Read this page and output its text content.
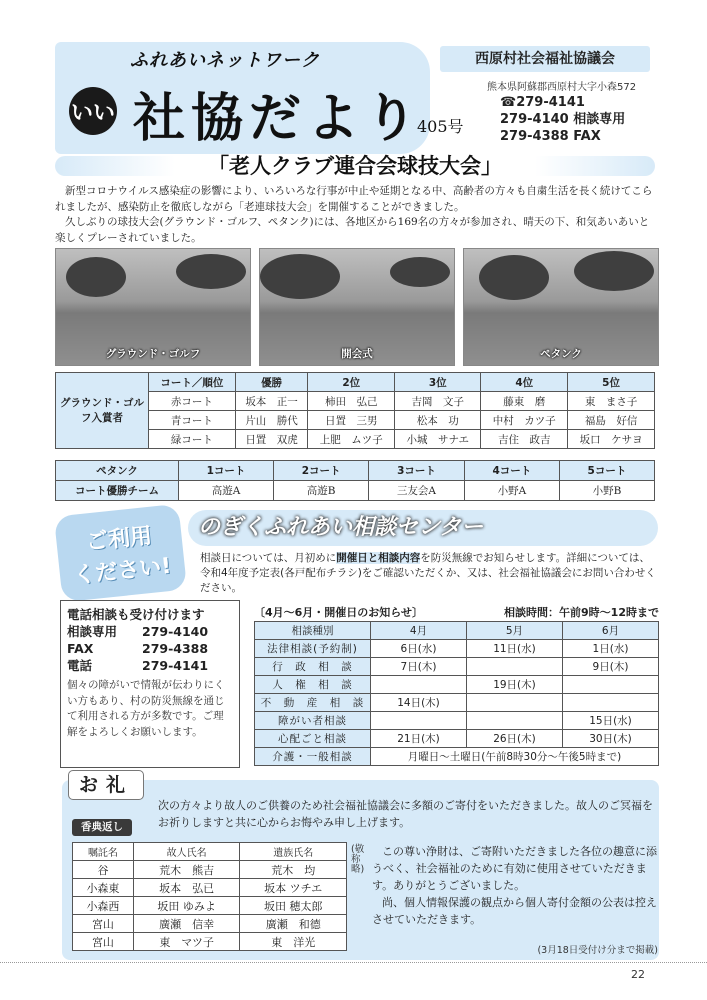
ふれあいネットワーク
いい 社協だより
405号
西原村社会福祉協議会
熊本県阿蘇郡西原村大字小森572
☎279-4141
279-4140 相談専用
279-4388 FAX
「老人クラブ連合会球技大会」

新型コロナウイルス感染症の影響により、いろいろな行事が中止や延期となる中、高齢者の方々も自粛生活を長く続けてこられましたが、感染防止を徹底しながら「老連球技大会」を開催することができました。

久しぶりの球技大会(グラウンド・ゴルフ、ペタンク)には、各地区から169名の方々が参加され、晴天の下、和気あいあいと楽しくプレーされていました。

グラウンド・ゴルフ	開会式	ペタンク
グラウンド・ゴルフ入賞者	コート／順位	優勝	2位	3位	4位	5位
	赤コート	坂本　正一	柿田　弘己	吉岡　文子	藤東　磨	東　まさ子
	青コート	片山　勝代	日置　三男	松本　功	中村　カツ子	福島　好信
	緑コート	日置　双虎	上肥　ムツ子	小城　サナエ	吉住　政吉	坂口　ケサヨ
ペタンク	1コート	2コート	3コート	4コート	5コート
コート優勝チーム	高遊A	高遊B	三友会A	小野A	小野B
ご利用
ください!
のぎくふれあい相談センター
相談日については、月初めに開催日と相談内容を防災無線でお知らせします。詳細については、令和4年度予定表(各戸配布チラシ)をご確認いただくか、又は、社会福祉協議会にお問い合わせください。
電話相談も受け付けます
相談専用	279-4140
FAX	279-4388
電話	279-4141
個々の障がいで情報が伝わりにくい方もあり、村の防災無線を通じて利用される方が多数です。ご理解をよろしくお願いします。
〔4月～6月・開催日のお知らせ〕	相談時間：午前9時～12時まで
相談種別	4月	5月	6月
法律相談(予約制)	6日(水)	11日(水)	1日(水)
行　政　相　談	7日(木)		9日(木)
人　権　相　談		19日(木)	
不　動　産　相　談	14日(木)		
障がい者相談			15日(水)
心配ごと相談	21日(木)	26日(木)	30日(木)
介護・一般相談	月曜日～土曜日(午前8時30分～午後5時まで)		
お礼
次の方々より故人のご供養のため社会福祉協議会に多額のご寄付をいただきました。故人のご冥福をお祈りしますと共に心からお悔やみ申し上げます。
香典返し
嘱託名	故人氏名	遺族氏名
谷	荒木　熊吉	荒木　均
小森東	坂本　弘已	坂本 ツチエ
小森西	坂田 ゆみよ	坂田 穂太郎
宮山	廣瀬　信幸	廣瀬　和德
宮山	東　マツ子	東　洋光
(敬称略)

この尊い浄財は、ご寄附いただきました各位の趣意に添うべく、社会福祉のために有効に使用させていただきます。ありがとうございました。

尚、個人情報保護の観点から個人寄付金額の公表は控えさせていただきます。

(3月18日受付け分まで掲載)
22
